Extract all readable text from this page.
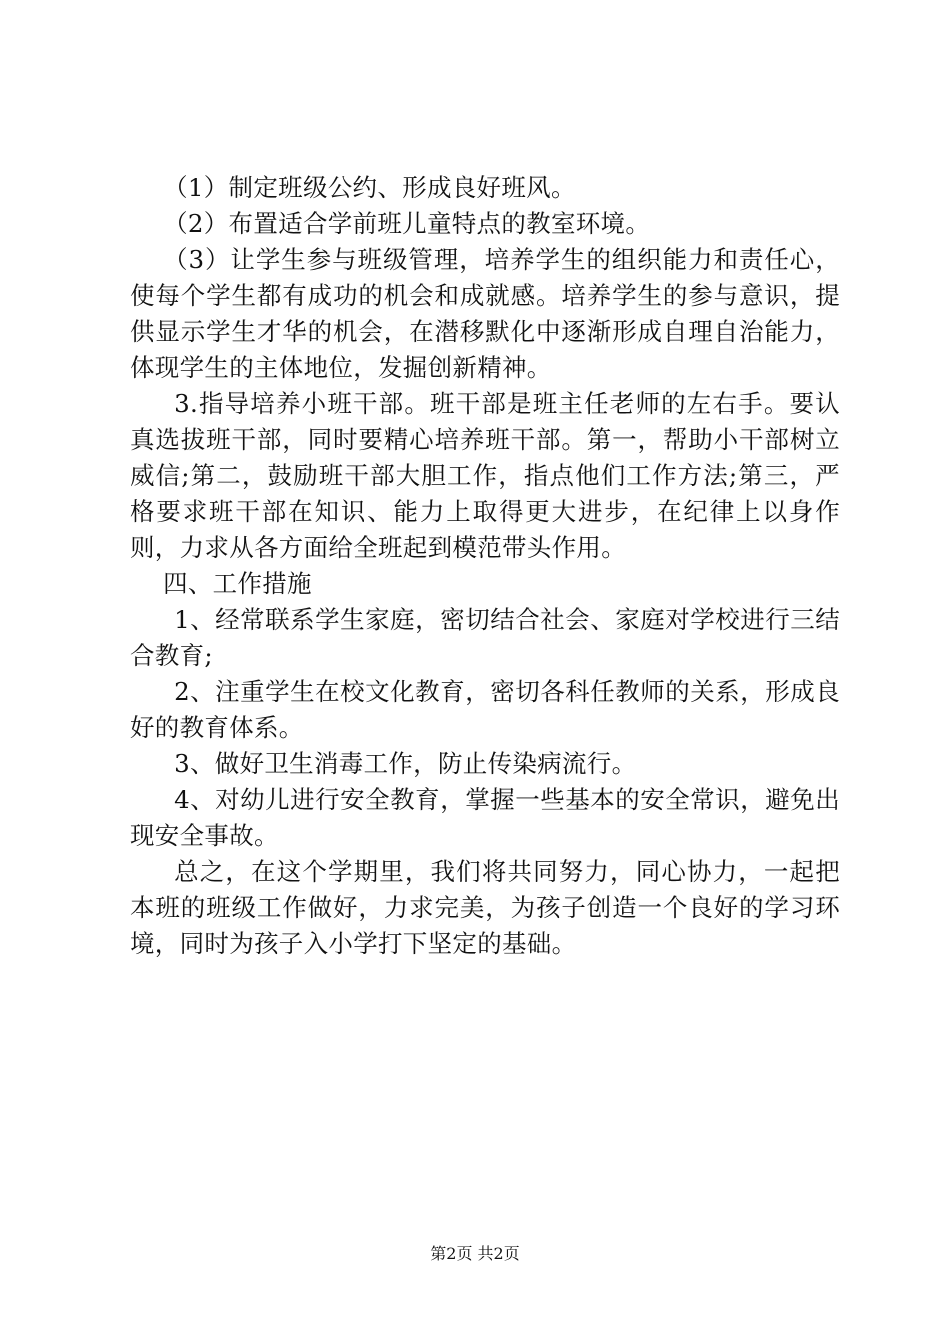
（1）制定班级公约、形成良好班风。

（2）布置适合学前班儿童特点的教室环境。

（3）让学生参与班级管理，培养学生的组织能力和责任心，使每个学生都有成功的机会和成就感。培养学生的参与意识，提供显示学生才华的机会，在潜移默化中逐渐形成自理自治能力，体现学生的主体地位，发掘创新精神。

3.指导培养小班干部。班干部是班主任老师的左右手。要认真选拔班干部，同时要精心培养班干部。第一，帮助小干部树立威信;第二，鼓励班干部大胆工作，指点他们工作方法;第三，严格要求班干部在知识、能力上取得更大进步，在纪律上以身作则，力求从各方面给全班起到模范带头作用。

四、工作措施

1、经常联系学生家庭，密切结合社会、家庭对学校进行三结合教育;

2、注重学生在校文化教育，密切各科任教师的关系，形成良好的教育体系。

3、做好卫生消毒工作，防止传染病流行。

4、对幼儿进行安全教育，掌握一些基本的安全常识，避免出现安全事故。

总之，在这个学期里，我们将共同努力，同心协力，一起把本班的班级工作做好，力求完美，为孩子创造一个良好的学习环境，同时为孩子入小学打下坚定的基础。

第2页 共2页
